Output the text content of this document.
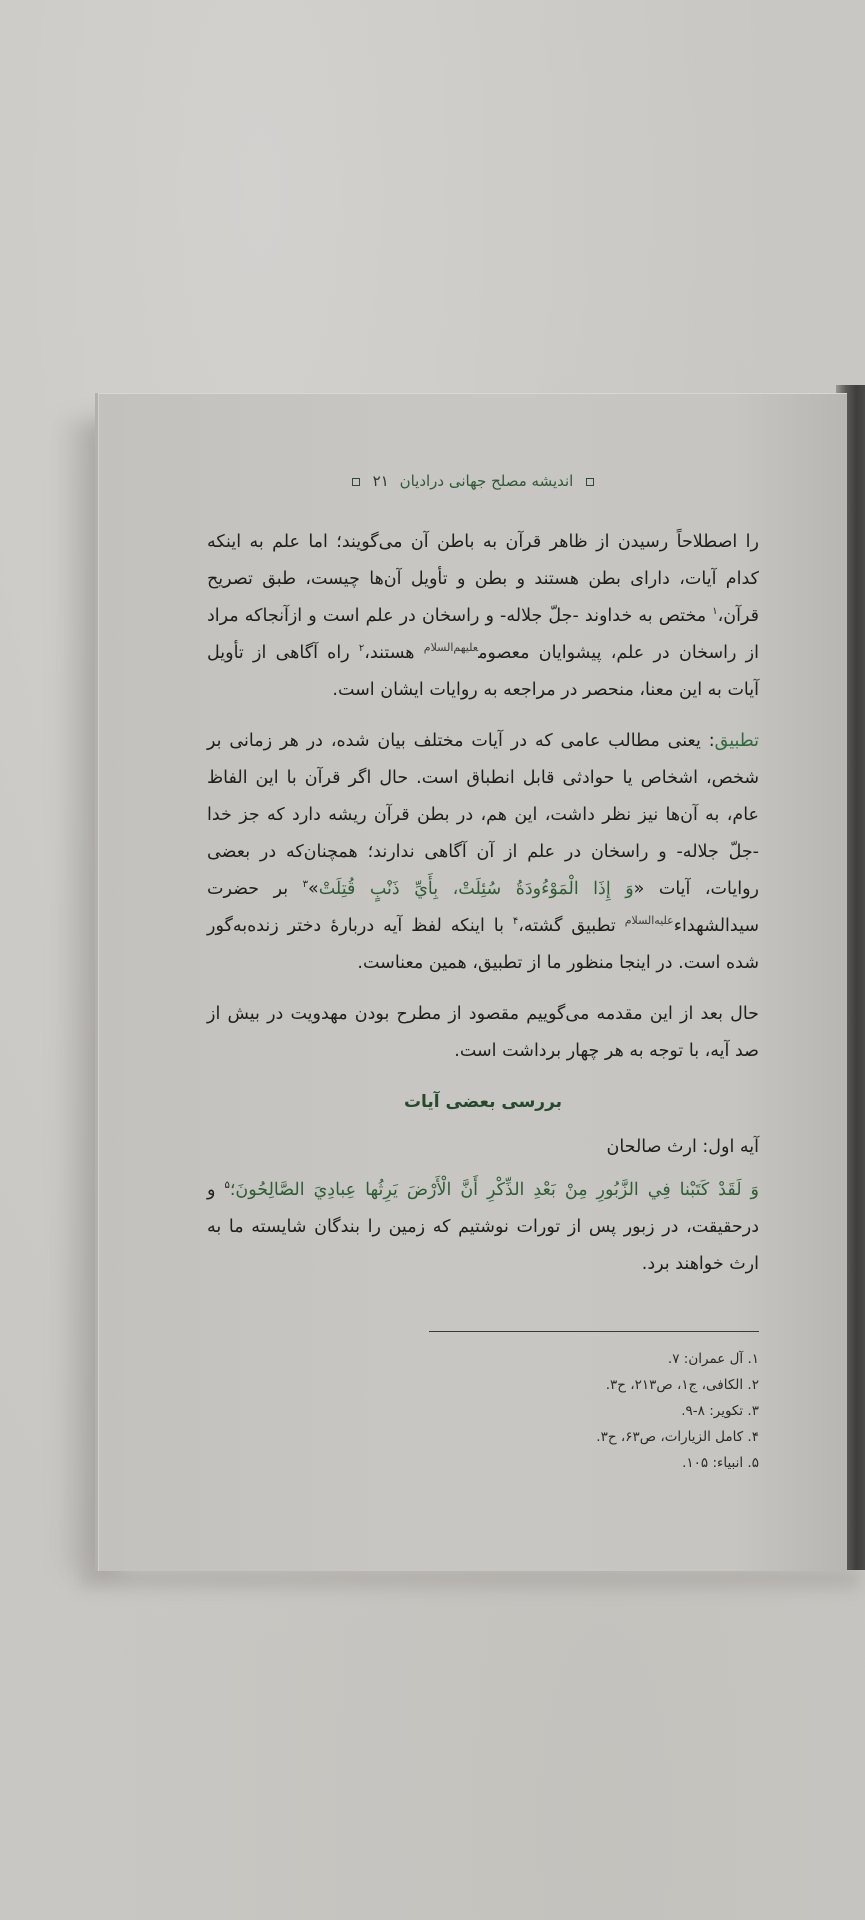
اندیشه مصلح جهانی درادیان ۲۱

را اصطلاحاً رسیدن از ظاهر قرآن به باطن آن می‌گویند؛ اما علم به اینکه کدام آیات، دارای بطن هستند و بطن و تأویل آن‌ها چیست، طبق تصریح قرآن،$^۱$ مختص به خداوند -جلّ جلاله- و راسخان در علم است و ازآنجاکه مراد از راسخان در علم، پیشوایان معصوم$^{علیهم‌السلام}$ هستند،$^۲$ راه آگاهی از تأویل آیات به این معنا، منحصر در مراجعه به روایات ایشان است.

تطبیق: یعنی مطالب عامی که در آیات مختلف بیان شده، در هر زمانی بر شخص، اشخاص یا حوادثی قابل انطباق است. حال اگر قرآن با این الفاظ عام، به آن‌ها نیز نظر داشت، این هم، در بطن قرآن ریشه دارد که جز خدا -جلّ جلاله- و راسخان در علم از آن آگاهی ندارند؛ همچنان‌که در بعضی روایات، آیات «وَ إِذَا الْمَوْءُودَةُ سُئِلَتْ، بِأَيِّ ذَنْبٍ قُتِلَتْ»$^۳$ بر حضرت سیدالشهداء$^{علیه‌السلام}$ تطبیق گشته،$^۴$ با اینکه لفظ آیه دربارهٔ دختر زنده‌به‌گور شده است. در اینجا منظور ما از تطبیق، همین معناست.

حال بعد از این مقدمه می‌گوییم مقصود از مطرح بودن مهدویت در بیش از صد آیه، با توجه به هر چهار برداشت است.

بررسی بعضی آیات
آیه اول: ارث صالحان

وَ لَقَدْ كَتَبْنا فِي الزَّبُورِ مِنْ بَعْدِ الذِّكْرِ أَنَّ الْأَرْضَ يَرِثُها عِبادِيَ الصَّالِحُونَ؛$^۵$ و درحقیقت، در زبور پس از تورات نوشتیم که زمین را بندگان شایسته ما به ارث خواهند برد.

۱. آل عمران: ۷.
۲. الکافی، ج۱، ص۲۱۳، ح۳.
۳. تکویر: ۸-۹.
۴. کامل الزیارات، ص۶۳، ح۳.
۵. انبیاء: ۱۰۵.
